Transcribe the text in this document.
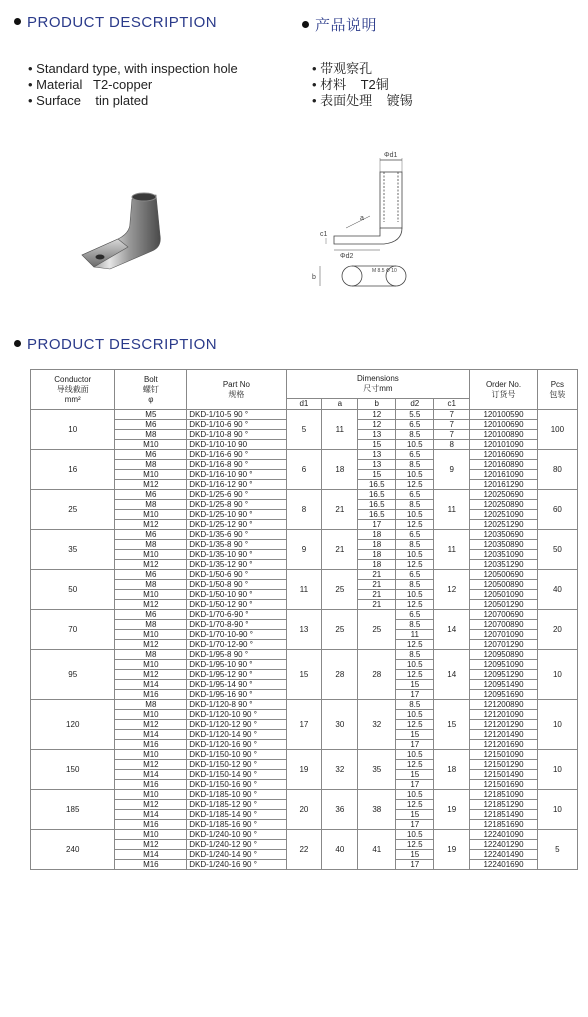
PRODUCT DESCRIPTION	产品说明
• Standard type, with inspection hole
• Material   T2-copper
• Surface    tin plated
• 带观察孔
• 材料    T2铜
• 表面处理    镀锡
Φd1
a
c1
Φd2
b
M 8.5 Φ 10
PRODUCT DESCRIPTION
Conductor
导线截面
mm²	Bolt
螺钉
φ	Part No
规格	Dimensions
尺寸mm					Order No.
订货号	Pcs
包装

			d1	a	b	d2	c1		
10	M5	DKD-1/10-5 90 °	5	11	12	5.5	7	120100590	100
	M6	DKD-1/10-6 90 °			12	6.5	7	120100690	
	M8	DKD-1/10-8 90 °			13	8.5	7	120100890	
	M10	DKD-1/10-10 90			15	10.5	8	120101090	
16	M6	DKD-1/16-6 90 °	6	18	13	6.5	9	120160690	80
	M8	DKD-1/16-8 90 °			13	8.5		120160890	
	M10	DKD-1/16-10 90 °			15	10.5		120161090	
	M12	DKD-1/16-12 90 °			16.5	12.5		120161290	
25	M6	DKD-1/25-6 90 °	8	21	16.5	6.5	11	120250690	60
	M8	DKD-1/25-8 90 °			16.5	8.5		120250890	
	M10	DKD-1/25-10 90 °			16.5	10.5		120251090	
	M12	DKD-1/25-12 90 °			17	12.5		120251290	
35	M6	DKD-1/35-6 90 °	9	21	18	6.5	11	120350690	50
	M8	DKD-1/35-8 90 °			18	8.5		120350890	
	M10	DKD-1/35-10 90 °			18	10.5		120351090	
	M12	DKD-1/35-12 90 °			18	12.5		120351290	
50	M6	DKD-1/50-6 90 °	11	25	21	6.5	12	120500690	40
	M8	DKD-1/50-8 90 °			21	8.5		120500890	
	M10	DKD-1/50-10 90 °			21	10.5		120501090	
	M12	DKD-1/50-12 90 °			21	12.5		120501290	
70	M6	DKD-1/70-6-90 °	13	25	25	6.5	14	120700690	20
	M8	DKD-1/70-8-90 °				8.5		120700890	
	M10	DKD-1/70-10-90 °				11		120701090	
	M12	DKD-1/70-12-90 °				12.5		120701290	
95	M8	DKD-1/95-8 90 °	15	28	28	8.5	14	120950890	10
	M10	DKD-1/95-10 90 °				10.5		120951090	
	M12	DKD-1/95-12 90 °				12.5		120951290	
	M14	DKD-1/95-14 90 °				15		120951490	
	M16	DKD-1/95-16 90 °				17		120951690	
120	M8	DKD-1/120-8 90 °	17	30	32	8.5	15	121200890	10
	M10	DKD-1/120-10 90 °				10.5		121201090	
	M12	DKD-1/120-12 90 °				12.5		121201290	
	M14	DKD-1/120-14 90 °				15		121201490	
	M16	DKD-1/120-16 90 °				17		121201690	
150	M10	DKD-1/150-10 90 °	19	32	35	10.5	18	121501090	10
	M12	DKD-1/150-12 90 °				12.5		121501290	
	M14	DKD-1/150-14 90 °				15		121501490	
	M16	DKD-1/150-16 90 °				17		121501690	
185	M10	DKD-1/185-10 90 °	20	36	38	10.5	19	121851090	10
	M12	DKD-1/185-12 90 °				12.5		121851290	
	M14	DKD-1/185-14 90 °				15		121851490	
	M16	DKD-1/185-16 90 °				17		121851690	
240	M10	DKD-1/240-10 90 °	22	40	41	10.5	19	122401090	5
	M12	DKD-1/240-12 90 °				12.5		122401290	
	M14	DKD-1/240-14 90 °				15		122401490	
	M16	DKD-1/240-16 90 °				17		122401690	
